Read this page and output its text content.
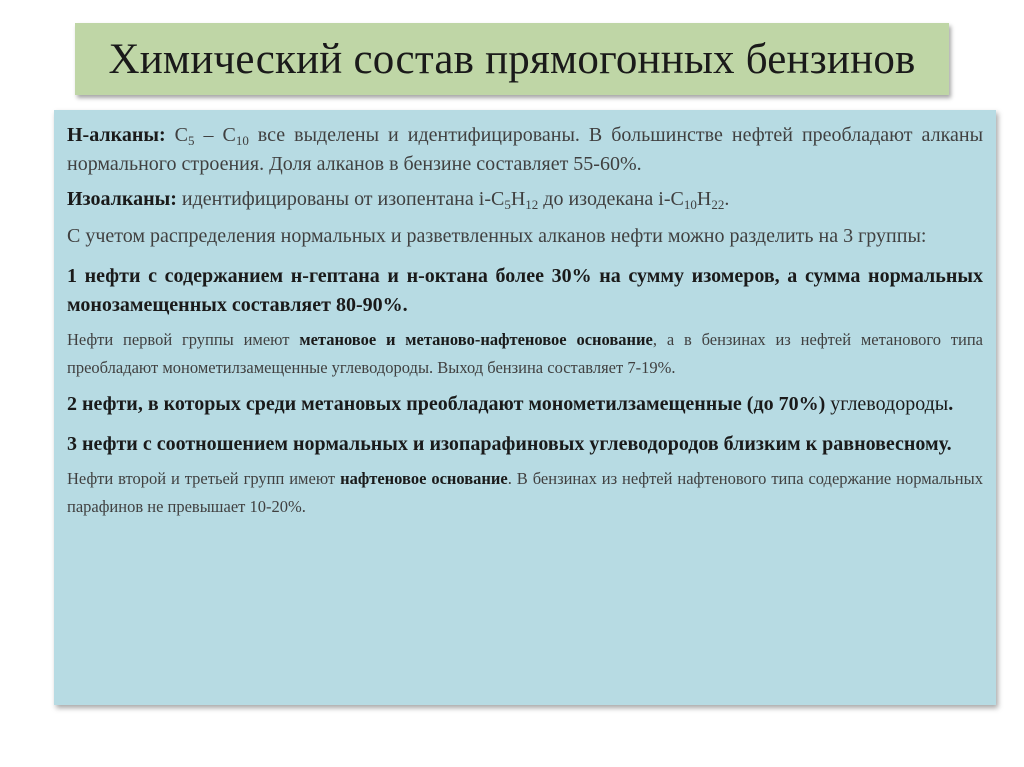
Химический состав прямогонных бензинов

Н-алканы: $С_5 - С_{10}$ все выделены и идентифицированы. В большинстве нефтей преобладают алканы нормального строения. Доля алканов в бензине составляет 55-60%.

Изоалканы: идентифицированы от изопентана $i-С_5Н_{12}$ до изодекана $i-С_{10}Н_{22}$.

С учетом распределения нормальных и разветвленных алканов нефти можно разделить на 3 группы:

1 нефти с содержанием н-гептана и н-октана более 30% на сумму изомеров, а сумма нормальных монозамещенных составляет 80-90%.

Нефти первой группы имеют метановое и метаново-нафтеновое основание, а в бензинах из нефтей метанового типа преобладают монометилзамещенные углеводороды. Выход бензина составляет 7-19%.

2 нефти, в которых среди метановых преобладают монометилзамещенные (до 70%) углеводороды.

3 нефти с соотношением нормальных и изопарафиновых углеводородов близким к равновесному.

Нефти второй и третьей групп имеют нафтеновое основание. В бензинах из нефтей нафтенового типа содержание нормальных парафинов не превышает 10-20%.
